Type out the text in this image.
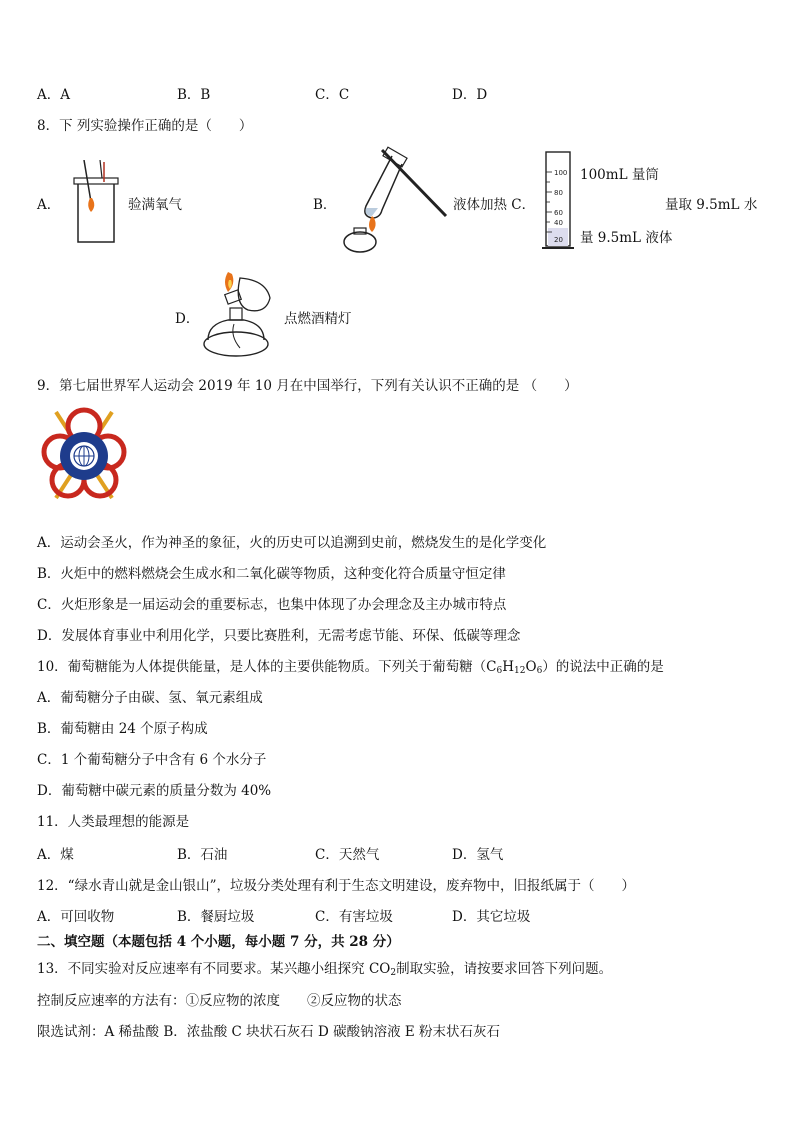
A．A	B．B	C．C	D．D
8．下 列实验操作正确的是（　　）
A．	验满氧气	B．	液体加热 C．
100
80
60
40
20
100mL 量筒
量取 9.5mL 水
量 9.5mL 液体
D．	点燃酒精灯
9．第七届世界军人运动会 2019 年 10 月在中国举行，下列有关认识不正确的是 （　　）
A．运动会圣火，作为神圣的象征，火的历史可以追溯到史前，燃烧发生的是化学变化
B．火炬中的燃料燃烧会生成水和二氧化碳等物质，这种变化符合质量守恒定律
C．火炬形象是一届运动会的重要标志，也集中体现了办会理念及主办城市特点
D．发展体育事业中利用化学，只要比赛胜利，无需考虑节能、环保、低碳等理念
10．葡萄糖能为人体提供能量，是人体的主要供能物质。下列关于葡萄糖$(C_6H_{12}O_6)$的说法中正确的是
A．葡萄糖分子由碳、氢、氧元素组成
B．葡萄糖由 24 个原子构成
C．1 个葡萄糖分子中含有 6 个水分子
D．葡萄糖中碳元素的质量分数为 40%
11．人类最理想的能源是
A．煤	B．石油	C．天然气	D．氢气
12．“绿水青山就是金山银山”，垃圾分类处理有利于生态文明建设，废弃物中，旧报纸属于（　　）
A．可回收物	B．餐厨垃圾	C．有害垃圾	D．其它垃圾
二、填空题（本题包括 4 个小题，每小题 7 分，共 28 分）
13．不同实验对反应速率有不同要求。某兴趣小组探究 $CO_2$制取实验，请按要求回答下列问题。
控制反应速率的方法有：①反应物的浓度　　②反应物的状态
限选试剂：A 稀盐酸 B．浓盐酸 C 块状石灰石 D 碳酸钠溶液 E 粉末状石灰石
